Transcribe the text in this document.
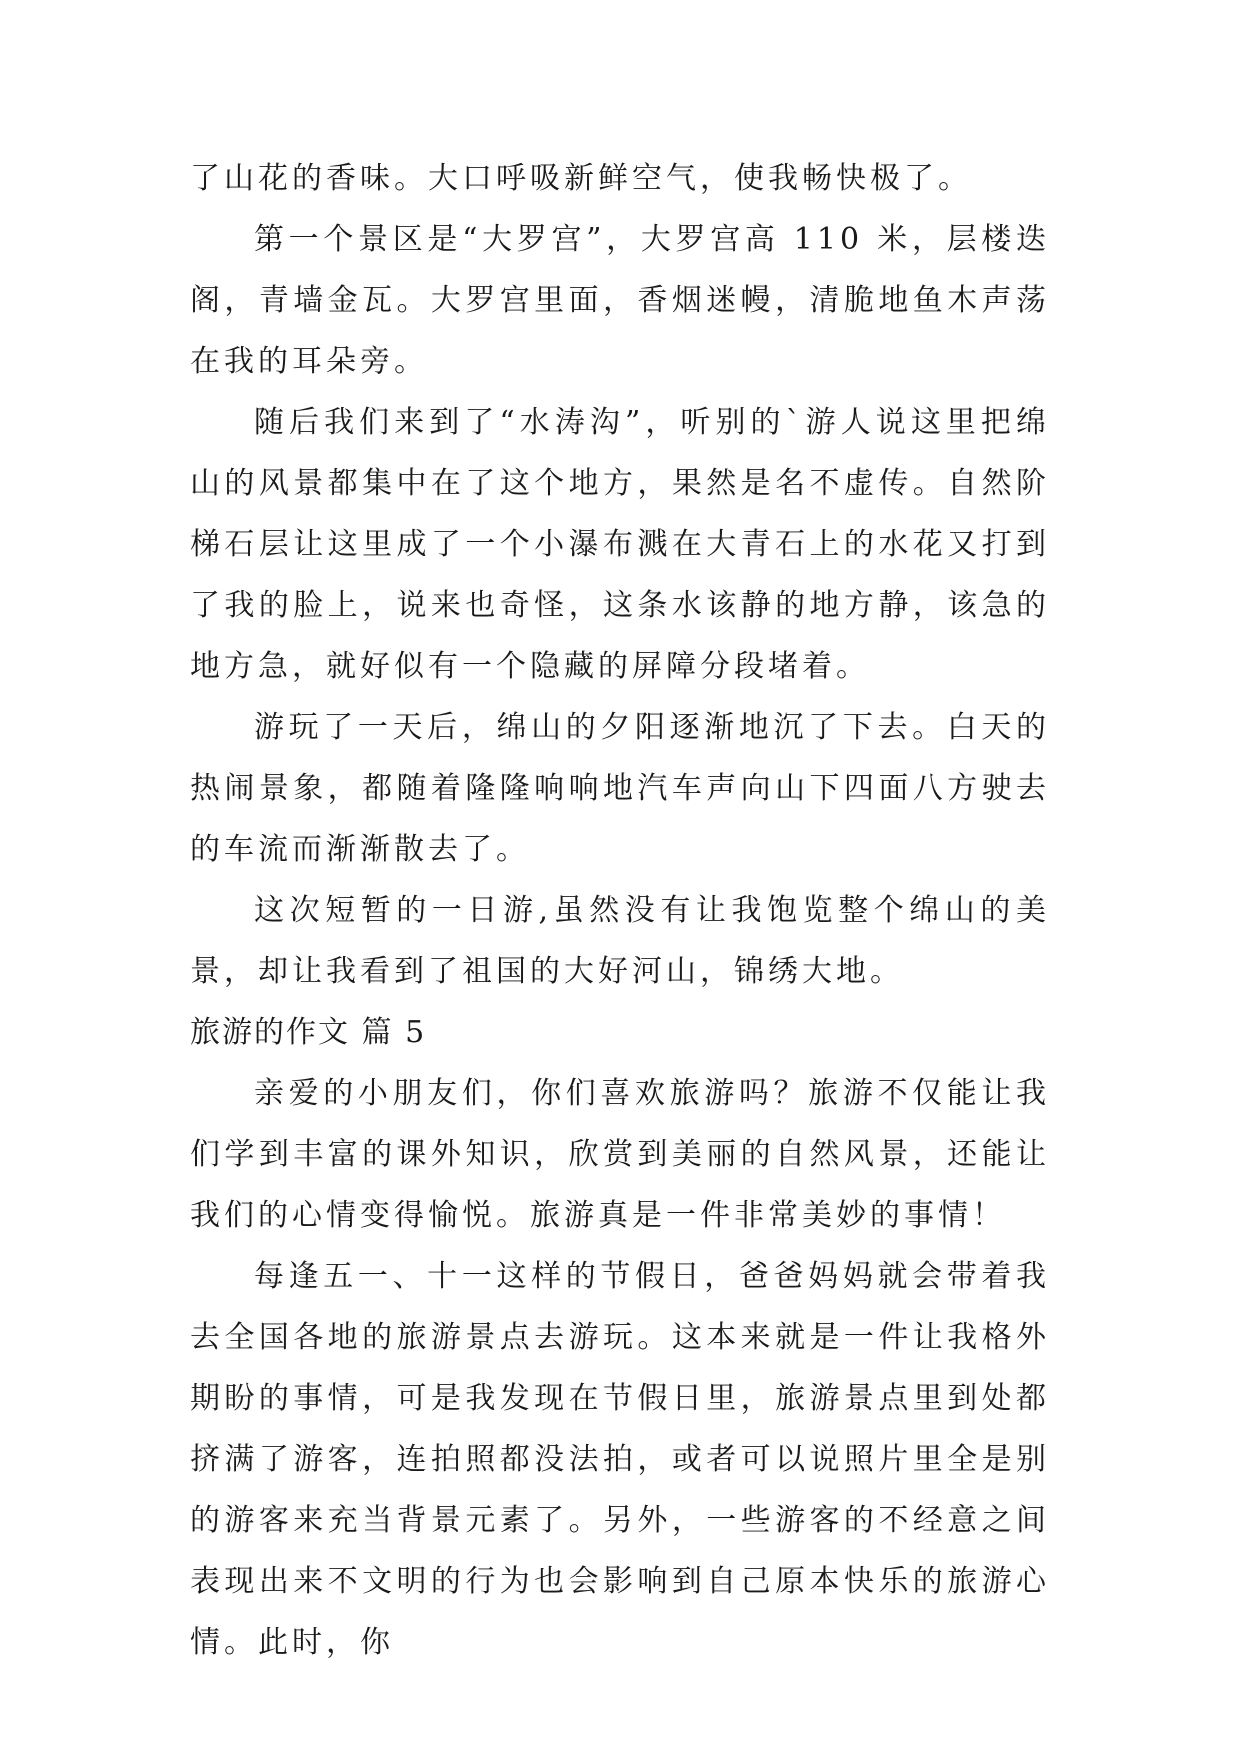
了山花的香味。大口呼吸新鲜空气，使我畅快极了。

第一个景区是“大罗宫”，大罗宫高 110 米，层楼迭阁，青墙金瓦。大罗宫里面，香烟迷幔，清脆地鱼木声荡在我的耳朵旁。

随后我们来到了“水涛沟”，听别的`游人说这里把绵山的风景都集中在了这个地方，果然是名不虚传。自然阶梯石层让这里成了一个小瀑布溅在大青石上的水花又打到了我的脸上，说来也奇怪，这条水该静的地方静，该急的地方急，就好似有一个隐藏的屏障分段堵着。

游玩了一天后，绵山的夕阳逐渐地沉了下去。白天的热闹景象，都随着隆隆响响地汽车声向山下四面八方驶去的车流而渐渐散去了。

这次短暂的一日游,虽然没有让我饱览整个绵山的美景，却让我看到了祖国的大好河山，锦绣大地。

旅游的作文 篇 5

亲爱的小朋友们，你们喜欢旅游吗？旅游不仅能让我们学到丰富的课外知识，欣赏到美丽的自然风景，还能让我们的心情变得愉悦。旅游真是一件非常美妙的事情！

每逢五一、十一这样的节假日，爸爸妈妈就会带着我去全国各地的旅游景点去游玩。这本来就是一件让我格外期盼的事情，可是我发现在节假日里，旅游景点里到处都挤满了游客，连拍照都没法拍，或者可以说照片里全是别的游客来充当背景元素了。另外，一些游客的不经意之间表现出来不文明的行为也会影响到自己原本快乐的旅游心情。此时，你
